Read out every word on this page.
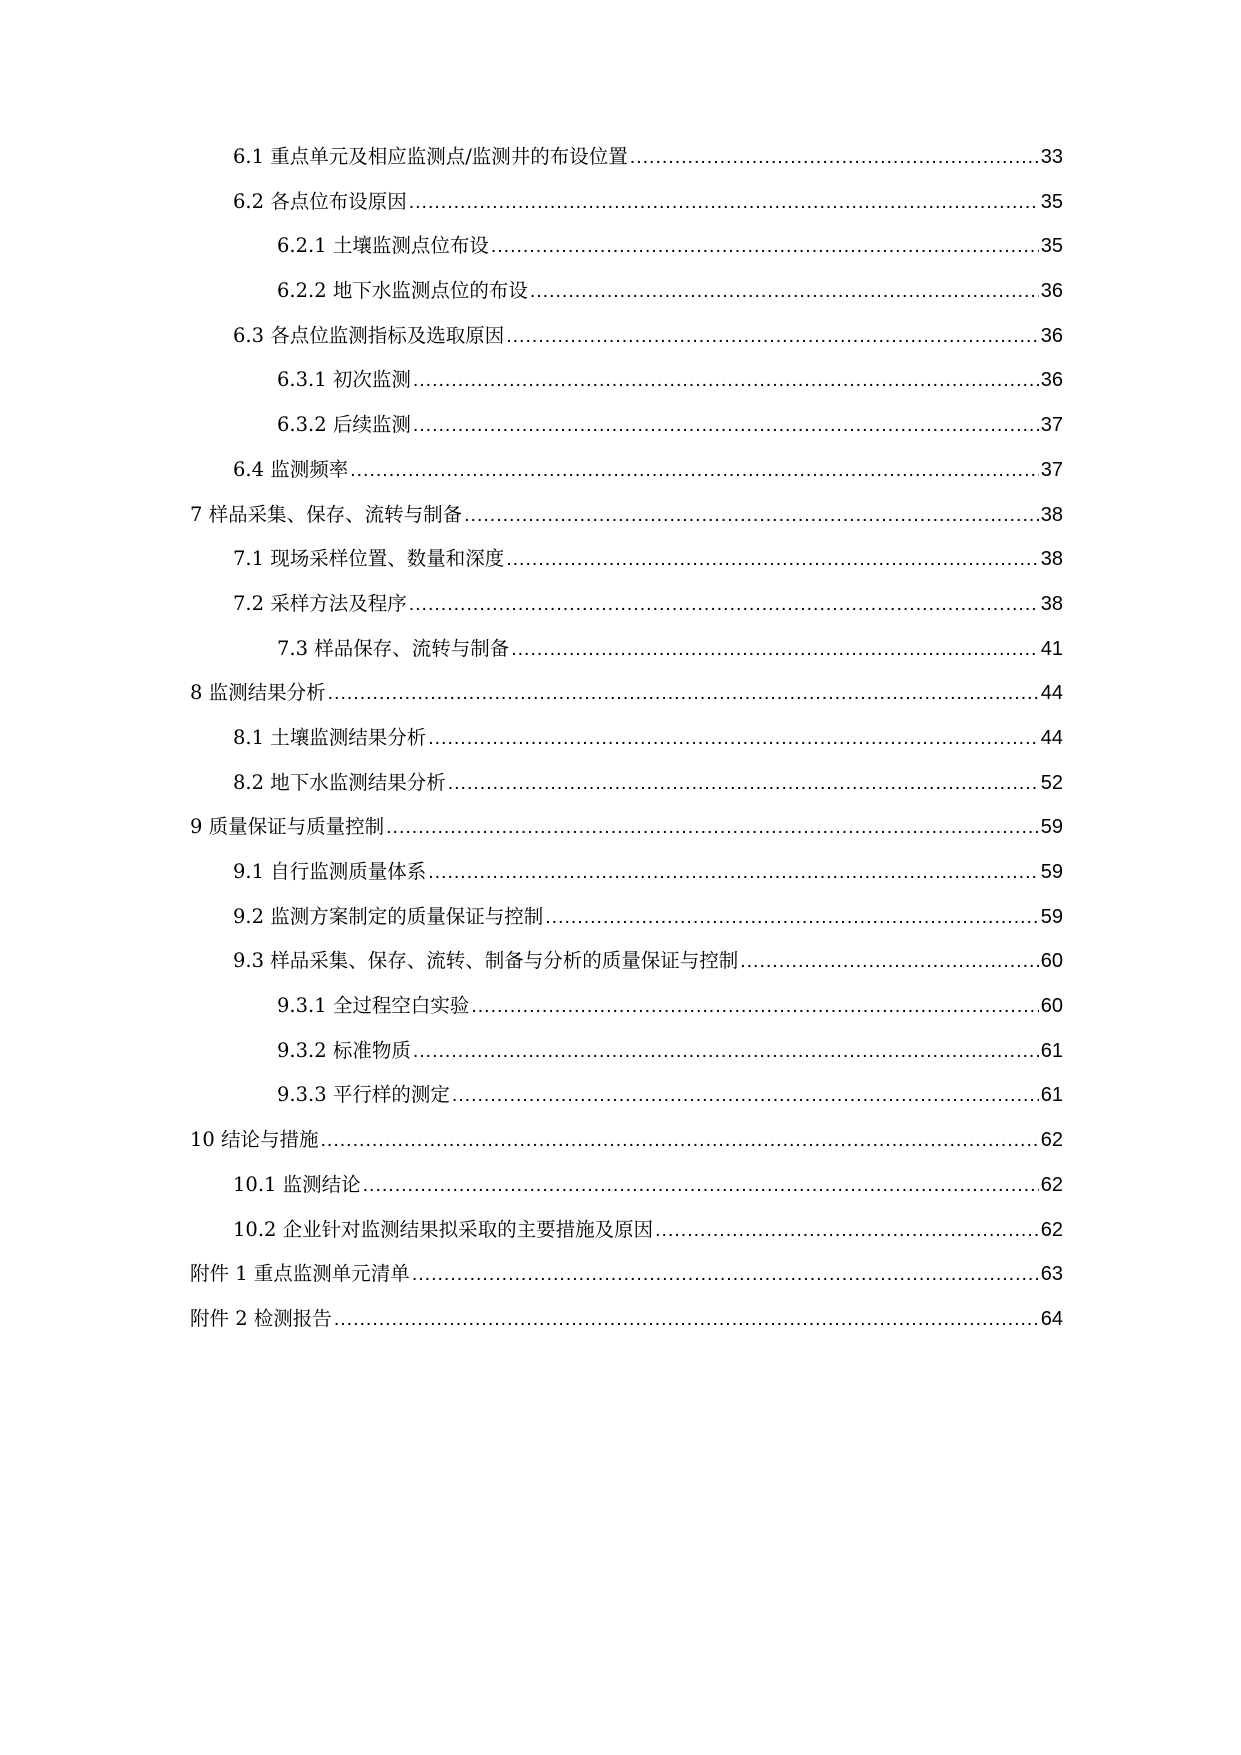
6.1 重点单元及相应监测点/监测井的布设位置 .....	33
6.2 各点位布设原因 .....	35
6.2.1 土壤监测点位布设 .....	35
6.2.2 地下水监测点位的布设 .....	36
6.3 各点位监测指标及选取原因 .....	36
6.3.1 初次监测 .....	36
6.3.2 后续监测 .....	37
6.4 监测频率 .....	37
7 样品采集、保存、流转与制备 .....	38
7.1 现场采样位置、数量和深度 .....	38
7.2 采样方法及程序 .....	38
7.3 样品保存、流转与制备 .....	41
8 监测结果分析 .....	44
8.1 土壤监测结果分析 .....	44
8.2 地下水监测结果分析 .....	52
9 质量保证与质量控制 .....	59
9.1 自行监测质量体系 .....	59
9.2 监测方案制定的质量保证与控制 .....	59
9.3 样品采集、保存、流转、制备与分析的质量保证与控制 .....	60
9.3.1 全过程空白实验 .....	60
9.3.2 标准物质 .....	61
9.3.3 平行样的测定 .....	61
10 结论与措施 .....	62
10.1 监测结论 .....	62
10.2 企业针对监测结果拟采取的主要措施及原因 .....	62
附件 1 重点监测单元清单 .....	63
附件 2 检测报告 .....	64
